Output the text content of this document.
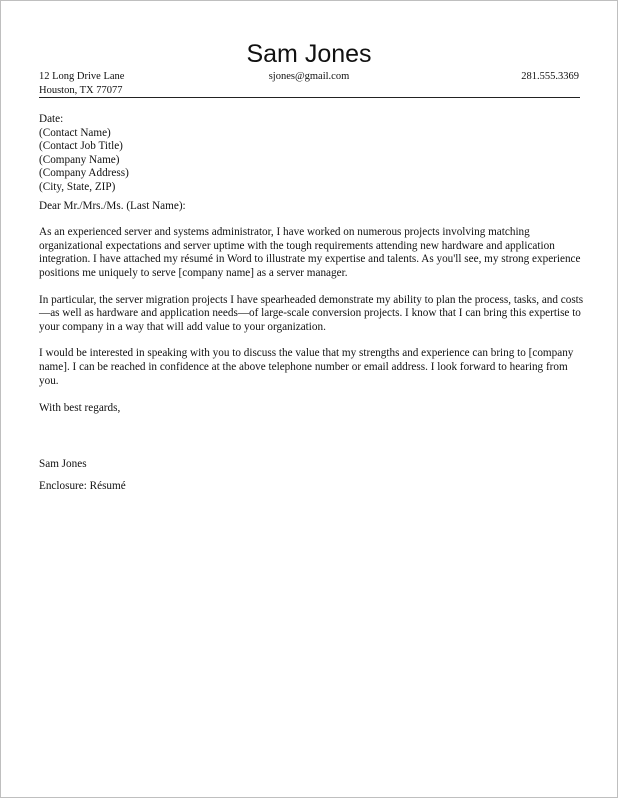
Sam Jones
12 Long Drive Lane	sjones@gmail.com	281.555.3369
Houston, TX 77077

Date:

(Contact Name)
(Contact Job Title)
(Company Name)
(Company Address)
(City, State, ZIP)

Dear Mr./Mrs./Ms. (Last Name):

As an experienced server and systems administrator, I have worked on numerous projects involving matching organizational expectations and server uptime with the tough requirements attending new hardware and application integration. I have attached my résumé in Word to illustrate my expertise and talents. As you'll see, my strong experience positions me uniquely to serve [company name] as a server manager.

In particular, the server migration projects I have spearheaded demonstrate my ability to plan the process, tasks, and costs—as well as hardware and application needs—of large-scale conversion projects. I know that I can bring this expertise to your company in a way that will add value to your organization.

I would be interested in speaking with you to discuss the value that my strengths and experience can bring to [company name]. I can be reached in confidence at the above telephone number or email address. I look forward to hearing from you.

With best regards,

Sam Jones

Enclosure: Résumé
